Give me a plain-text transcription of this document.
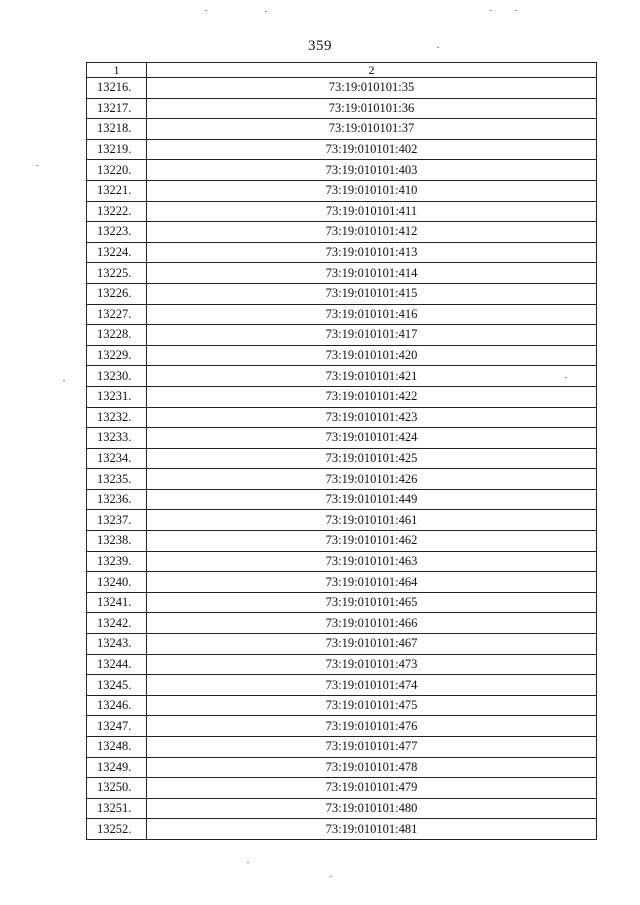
359
1	2
13216.	73:19:010101:35
13217.	73:19:010101:36
13218.	73:19:010101:37
13219.	73:19:010101:402
13220.	73:19:010101:403
13221.	73:19:010101:410
13222.	73:19:010101:411
13223.	73:19:010101:412
13224.	73:19:010101:413
13225.	73:19:010101:414
13226.	73:19:010101:415
13227.	73:19:010101:416
13228.	73:19:010101:417
13229.	73:19:010101:420
13230.	73:19:010101:421
13231.	73:19:010101:422
13232.	73:19:010101:423
13233.	73:19:010101:424
13234.	73:19:010101:425
13235.	73:19:010101:426
13236.	73:19:010101:449
13237.	73:19:010101:461
13238.	73:19:010101:462
13239.	73:19:010101:463
13240.	73:19:010101:464
13241.	73:19:010101:465
13242.	73:19:010101:466
13243.	73:19:010101:467
13244.	73:19:010101:473
13245.	73:19:010101:474
13246.	73:19:010101:475
13247.	73:19:010101:476
13248.	73:19:010101:477
13249.	73:19:010101:478
13250.	73:19:010101:479
13251.	73:19:010101:480
13252.	73:19:010101:481
